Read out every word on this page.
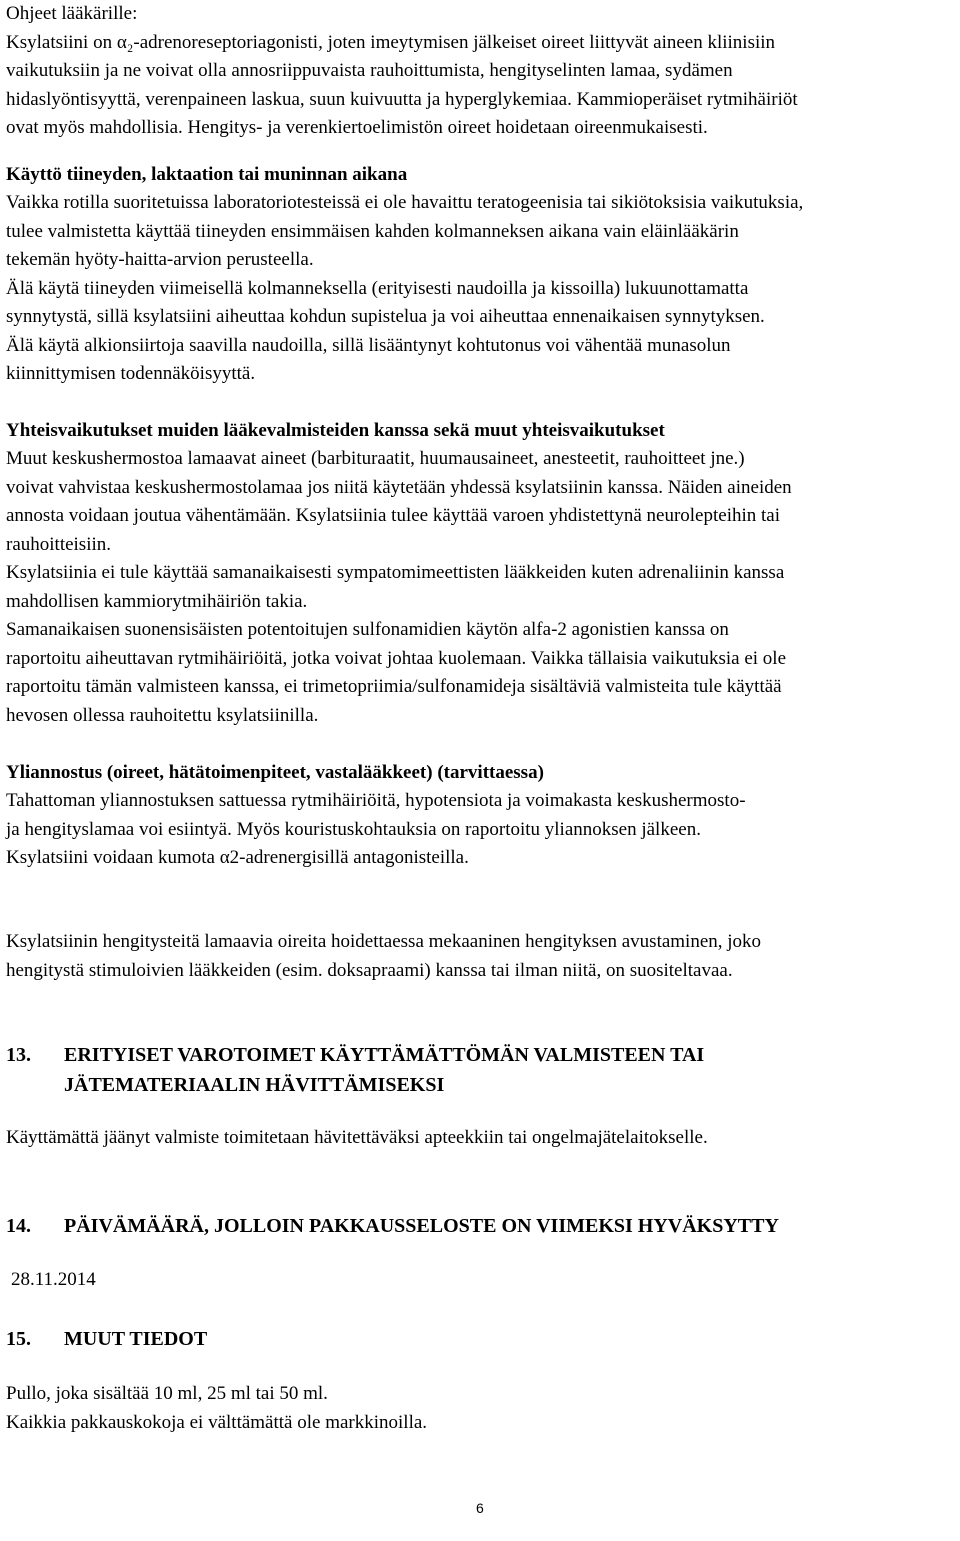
Ohjeet lääkärille:
Ksylatsiini on α₂-adrenoreseptoriagonisti, joten imeytymisen jälkeiset oireet liittyvät aineen kliinisiin
vaikutuksiin ja ne voivat olla annosriippuvaista rauhoittumista, hengityselinten lamaa, sydämen
hidaslyöntisyyttä, verenpaineen laskua, suun kuivuutta ja hyperglykemiaa. Kammioperäiset rytmihäiriöt
ovat myös mahdollisia. Hengitys- ja verenkiertoelimistön oireet hoidetaan oireenmukaisesti.
Käyttö tiineyden, laktaation tai muninnan aikana
Vaikka rotilla suoritetuissa laboratoriotesteissä ei ole havaittu teratogeenisia tai sikiötoksisia vaikutuksia,
tulee valmistetta käyttää tiineyden ensimmäisen kahden kolmanneksen aikana vain eläinlääkärin
tekemän hyöty-haitta-arvion perusteella.
Älä käytä tiineyden viimeisellä kolmanneksella (erityisesti naudoilla ja kissoilla) lukuunottamatta
synnytystä, sillä ksylatsiini aiheuttaa kohdun supistelua ja voi aiheuttaa ennenaikaisen synnytyksen.
Älä käytä alkionsiirtoja saavilla naudoilla, sillä lisääntynyt kohtutonus voi vähentää munasolun
kiinnittymisen todennäköisyyttä.
Yhteisvaikutukset muiden lääkevalmisteiden kanssa sekä muut yhteisvaikutukset
Muut keskushermostoa lamaavat aineet (barbituraatit, huumausaineet, anesteetit, rauhoitteet jne.)
voivat vahvistaa keskushermostolamaa jos niitä käytetään yhdessä ksylatsiinin kanssa. Näiden aineiden
annosta voidaan joutua vähentämään. Ksylatsiinia tulee käyttää varoen yhdistettynä neurolepteihin tai
rauhoitteisiin.
Ksylatsiinia ei tule käyttää samanaikaisesti sympatomimeettisten lääkkeiden kuten adrenaliinin kanssa
mahdollisen kammiorytmihäiriön takia.
Samanaikaisen suonensisäisten potentoitujen sulfonamidien käytön alfa-2 agonistien kanssa on
raportoitu aiheuttavan rytmihäiriöitä, jotka voivat johtaa kuolemaan. Vaikka tällaisia vaikutuksia ei ole
raportoitu tämän valmisteen kanssa, ei trimetopriimia/sulfonamideja sisältäviä valmisteita tule käyttää
hevosen ollessa rauhoitettu ksylatsiinilla.
Yliannostus (oireet, hätätoimenpiteet, vastalääkkeet) (tarvittaessa)
Tahattoman yliannostuksen sattuessa rytmihäiriöitä, hypotensiota ja voimakasta keskushermosto-
ja hengityslamaa voi esiintyä. Myös kouristuskohtauksia on raportoitu yliannoksen jälkeen.
Ksylatsiini voidaan kumota α2-adrenergisillä antagonisteilla.
Ksylatsiinin hengitysteitä lamaavia oireita hoidettaessa mekaaninen hengityksen avustaminen, joko
hengitystä stimuloivien lääkkeiden (esim. doksapraami) kanssa tai ilman niitä, on suositeltavaa.
13. ERITYISET VAROTOIMET KÄYTTÄMÄTTÖMÄN VALMISTEEN TAI
JÄTEMATERIAALIN HÄVITTÄMISEKSI
Käyttämättä jäänyt valmiste toimitetaan hävitettäväksi apteekkiin tai ongelmajätelaitokselle.
14. PÄIVÄMÄÄRÄ, JOLLOIN PAKKAUSSELOSTE ON VIIMEKSI HYVÄKSYTTY
28.11.2014
15. MUUT TIEDOT
Pullo, joka sisältää 10 ml, 25 ml tai 50 ml.
Kaikkia pakkauskokoja ei välttämättä ole markkinoilla.
6
